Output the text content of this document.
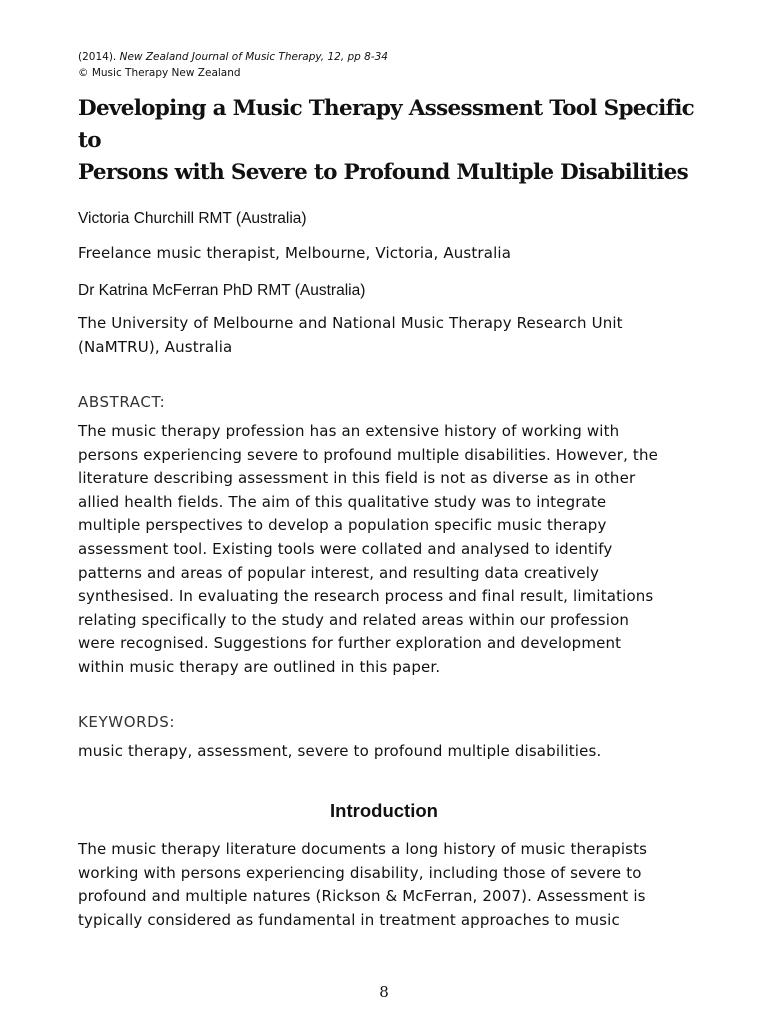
(2014). New Zealand Journal of Music Therapy, 12, pp 8-34
© Music Therapy New Zealand
Developing a Music Therapy Assessment Tool Specific to
Persons with Severe to Profound Multiple Disabilities
Victoria Churchill RMT (Australia)

Freelance music therapist, Melbourne, Victoria, Australia

Dr Katrina McFerran PhD RMT (Australia)

The University of Melbourne and National Music Therapy Research Unit
(NaMTRU), Australia

ABSTRACT:

The music therapy profession has an extensive history of working with
persons experiencing severe to profound multiple disabilities. However, the
literature describing assessment in this field is not as diverse as in other
allied health fields. The aim of this qualitative study was to integrate
multiple perspectives to develop a population specific music therapy
assessment tool. Existing tools were collated and analysed to identify
patterns and areas of popular interest, and resulting data creatively
synthesised. In evaluating the research process and final result, limitations
relating specifically to the study and related areas within our profession
were recognised. Suggestions for further exploration and development
within music therapy are outlined in this paper.

KEYWORDS:

music therapy, assessment, severe to profound multiple disabilities.

Introduction

The music therapy literature documents a long history of music therapists
working with persons experiencing disability, including those of severe to
profound and multiple natures (Rickson & McFerran, 2007). Assessment is
typically considered as fundamental in treatment approaches to music

8
